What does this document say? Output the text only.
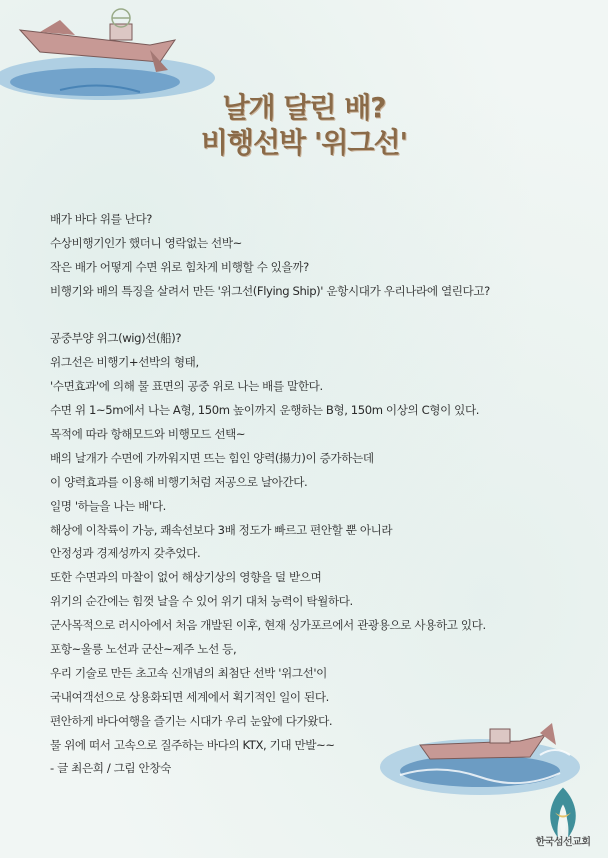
날개 달린 배?
비행선박 '위그선'
배가 바다 위를 난다?
수상비행기인가 했더니 영락없는 선박~
작은 배가 어떻게 수면 위로 힘차게 비행할 수 있을까?
비행기와 배의 특징을 살려서 만든 '위그선(Flying Ship)' 운항시대가 우리나라에 열린다고?
공중부양 위그(wig)선(船)?
위그선은 비행기+선박의 형태,
'수면효과'에 의해 물 표면의 공중 위로 나는 배를 말한다.
수면 위 1~5m에서 나는 A형, 150m 높이까지 운행하는 B형, 150m 이상의 C형이 있다.
목적에 따라 항해모드와 비행모드 선택~
배의 날개가 수면에 가까워지면 뜨는 힘인 양력(揚力)이 증가하는데
이 양력효과를 이용해 비행기처럼 저공으로 날아간다.
일명 '하늘을 나는 배'다.
해상에 이착륙이 가능, 쾌속선보다 3배 정도가 빠르고 편안할 뿐 아니라
안정성과 경제성까지 갖추었다.
또한 수면과의 마찰이 없어 해상기상의 영향을 덜 받으며
위기의 순간에는 힘껏 날을 수 있어 위기 대처 능력이 탁월하다.
군사목적으로 러시아에서 처음 개발된 이후, 현재 싱가포르에서 관광용으로 사용하고 있다.
포항~울릉 노선과 군산~제주 노선 등,
우리 기술로 만든 초고속 신개념의 최첨단 선박 '위그선'이
국내여객선으로 상용화되면 세계에서 획기적인 일이 된다.
편안하게 바다여행을 즐기는 시대가 우리 눈앞에 다가왔다.
물 위에 떠서 고속으로 질주하는 바다의 KTX, 기대 만발~~
- 글 최은희 / 그림 안창숙
한국섬선교회
